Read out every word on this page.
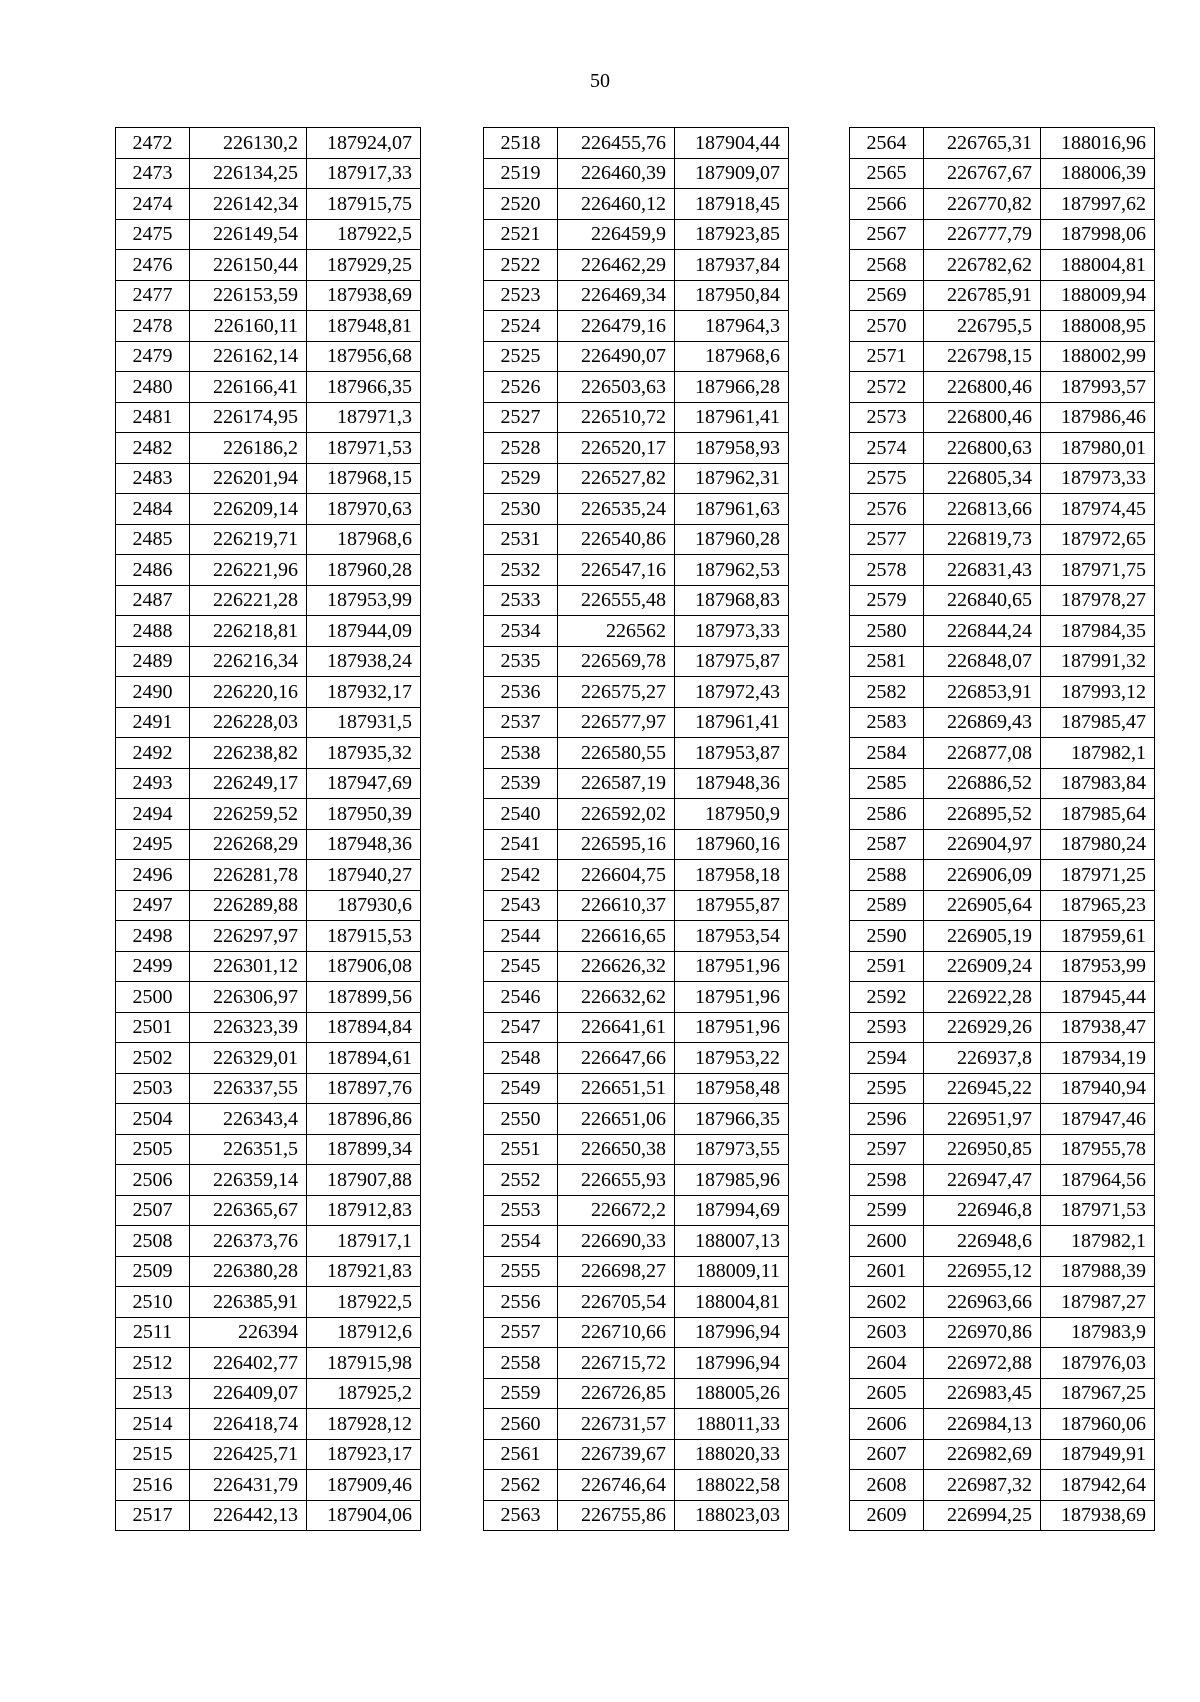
50
2472	226130,2	187924,07
2473	226134,25	187917,33
2474	226142,34	187915,75
2475	226149,54	187922,5
2476	226150,44	187929,25
2477	226153,59	187938,69
2478	226160,11	187948,81
2479	226162,14	187956,68
2480	226166,41	187966,35
2481	226174,95	187971,3
2482	226186,2	187971,53
2483	226201,94	187968,15
2484	226209,14	187970,63
2485	226219,71	187968,6
2486	226221,96	187960,28
2487	226221,28	187953,99
2488	226218,81	187944,09
2489	226216,34	187938,24
2490	226220,16	187932,17
2491	226228,03	187931,5
2492	226238,82	187935,32
2493	226249,17	187947,69
2494	226259,52	187950,39
2495	226268,29	187948,36
2496	226281,78	187940,27
2497	226289,88	187930,6
2498	226297,97	187915,53
2499	226301,12	187906,08
2500	226306,97	187899,56
2501	226323,39	187894,84
2502	226329,01	187894,61
2503	226337,55	187897,76
2504	226343,4	187896,86
2505	226351,5	187899,34
2506	226359,14	187907,88
2507	226365,67	187912,83
2508	226373,76	187917,1
2509	226380,28	187921,83
2510	226385,91	187922,5
2511	226394	187912,6
2512	226402,77	187915,98
2513	226409,07	187925,2
2514	226418,74	187928,12
2515	226425,71	187923,17
2516	226431,79	187909,46
2517	226442,13	187904,06
2518	226455,76	187904,44
2519	226460,39	187909,07
2520	226460,12	187918,45
2521	226459,9	187923,85
2522	226462,29	187937,84
2523	226469,34	187950,84
2524	226479,16	187964,3
2525	226490,07	187968,6
2526	226503,63	187966,28
2527	226510,72	187961,41
2528	226520,17	187958,93
2529	226527,82	187962,31
2530	226535,24	187961,63
2531	226540,86	187960,28
2532	226547,16	187962,53
2533	226555,48	187968,83
2534	226562	187973,33
2535	226569,78	187975,87
2536	226575,27	187972,43
2537	226577,97	187961,41
2538	226580,55	187953,87
2539	226587,19	187948,36
2540	226592,02	187950,9
2541	226595,16	187960,16
2542	226604,75	187958,18
2543	226610,37	187955,87
2544	226616,65	187953,54
2545	226626,32	187951,96
2546	226632,62	187951,96
2547	226641,61	187951,96
2548	226647,66	187953,22
2549	226651,51	187958,48
2550	226651,06	187966,35
2551	226650,38	187973,55
2552	226655,93	187985,96
2553	226672,2	187994,69
2554	226690,33	188007,13
2555	226698,27	188009,11
2556	226705,54	188004,81
2557	226710,66	187996,94
2558	226715,72	187996,94
2559	226726,85	188005,26
2560	226731,57	188011,33
2561	226739,67	188020,33
2562	226746,64	188022,58
2563	226755,86	188023,03
2564	226765,31	188016,96
2565	226767,67	188006,39
2566	226770,82	187997,62
2567	226777,79	187998,06
2568	226782,62	188004,81
2569	226785,91	188009,94
2570	226795,5	188008,95
2571	226798,15	188002,99
2572	226800,46	187993,57
2573	226800,46	187986,46
2574	226800,63	187980,01
2575	226805,34	187973,33
2576	226813,66	187974,45
2577	226819,73	187972,65
2578	226831,43	187971,75
2579	226840,65	187978,27
2580	226844,24	187984,35
2581	226848,07	187991,32
2582	226853,91	187993,12
2583	226869,43	187985,47
2584	226877,08	187982,1
2585	226886,52	187983,84
2586	226895,52	187985,64
2587	226904,97	187980,24
2588	226906,09	187971,25
2589	226905,64	187965,23
2590	226905,19	187959,61
2591	226909,24	187953,99
2592	226922,28	187945,44
2593	226929,26	187938,47
2594	226937,8	187934,19
2595	226945,22	187940,94
2596	226951,97	187947,46
2597	226950,85	187955,78
2598	226947,47	187964,56
2599	226946,8	187971,53
2600	226948,6	187982,1
2601	226955,12	187988,39
2602	226963,66	187987,27
2603	226970,86	187983,9
2604	226972,88	187976,03
2605	226983,45	187967,25
2606	226984,13	187960,06
2607	226982,69	187949,91
2608	226987,32	187942,64
2609	226994,25	187938,69
